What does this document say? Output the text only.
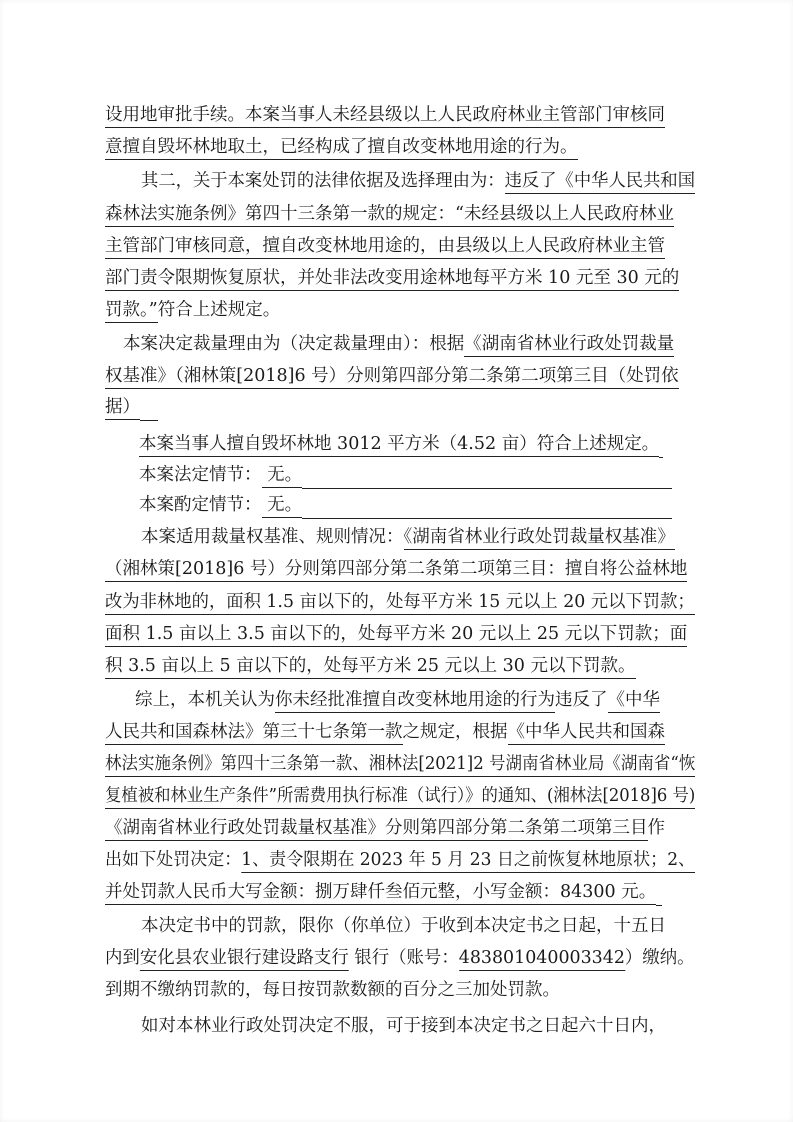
设用地审批手续。本案当事人未经县级以上人民政府林业主管部门审核同
意擅自毁坏林地取土，已经构成了擅自改变林地用途的行为。
其二，关于本案处罚的法律依据及选择理由为：违反了《中华人民共和国
森林法实施条例》第四十三条第一款的规定：“未经县级以上人民政府林业
主管部门审核同意，擅自改变林地用途的，由县级以上人民政府林业主管
部门责令限期恢复原状，并处非法改变用途林地每平方米 10 元至 30 元的
罚款。”符合上述规定。
本案决定裁量理由为（决定裁量理由）：根据《湖南省林业行政处罚裁量
权基准》（湘林策[2018]6 号）分则第四部分第二条第二项第三目（处罚依
据）
本案当事人擅自毁坏林地 3012 平方米（4.52 亩）符合上述规定。
本案法定情节： 无。
本案酌定情节： 无。
本案适用裁量权基准、规则情况：《湖南省林业行政处罚裁量权基准》
（湘林策[2018]6 号）分则第四部分第二条第二项第三目：擅自将公益林地
改为非林地的，面积 1.5 亩以下的，处每平方米 15 元以上 20 元以下罚款；
面积 1.5 亩以上 3.5 亩以下的，处每平方米 20 元以上 25 元以下罚款；面
积 3.5 亩以上 5 亩以下的，处每平方米 25 元以上 30 元以下罚款。
综上，本机关认为你未经批准擅自改变林地用途的行为违反了《中华
人民共和国森林法》第三十七条第一款之规定，根据《中华人民共和国森
林法实施条例》第四十三条第一款、湘林法[2021]2 号湖南省林业局《湖南省“恢
复植被和林业生产条件”所需费用执行标准（试行）》的通知、(湘林法[2018]6 号)
《湖南省林业行政处罚裁量权基准》分则第四部分第二条第二项第三目作
出如下处罚决定：1、责令限期在 2023 年 5 月 23 日之前恢复林地原状；2、
并处罚款人民币大写金额：捌万肆仟叁佰元整，小写金额：84300 元。
本决定书中的罚款，限你（你单位）于收到本决定书之日起，十五日
内到安化县农业银行建设路支行 银行（账号：483801040003342）缴纳。
到期不缴纳罚款的，每日按罚款数额的百分之三加处罚款。
如对本林业行政处罚决定不服，可于接到本决定书之日起六十日内，
